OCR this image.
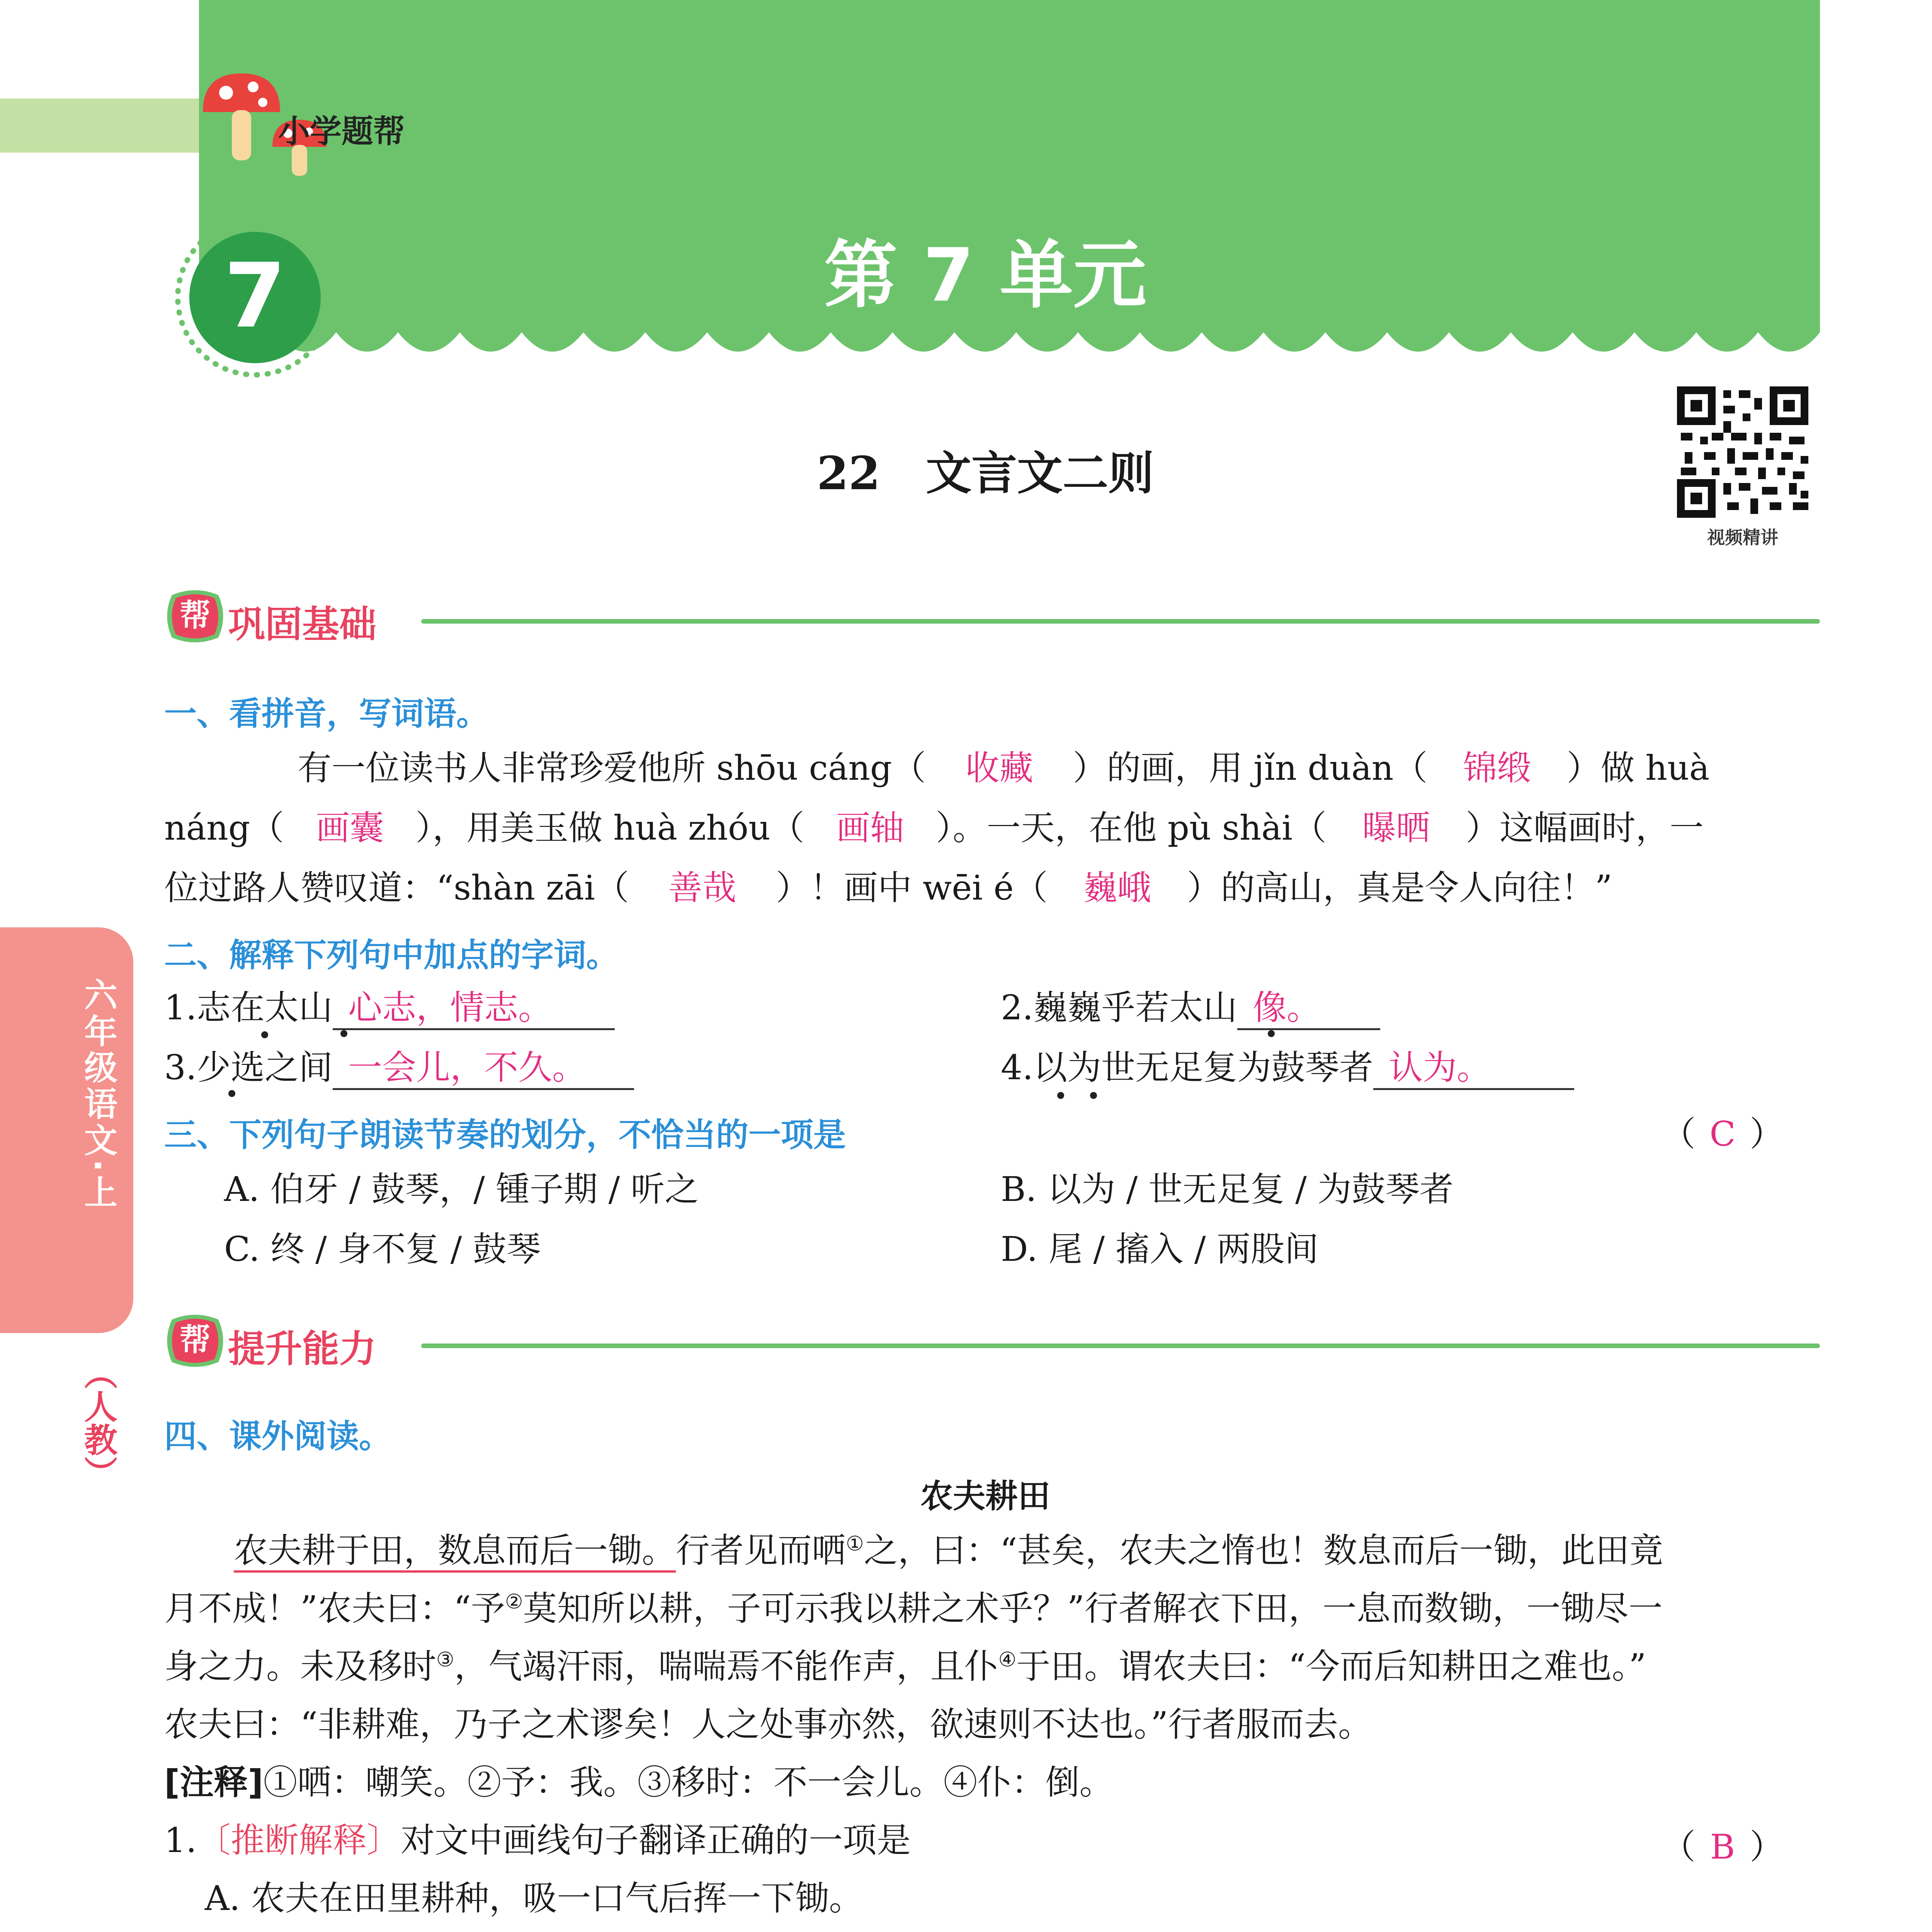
小学题帮
7	第 7 单元
22　文言文二则
视频精讲
六年级语文·上
（人教）
帮 巩固基础
一、看拼音，写词语。
有一位读书人非常珍爱他所 shōu cáng（ 收藏 ）的画，用 jǐn duàn（ 锦缎 ）做 huà
náng（ 画囊 ），用美玉做 huà zhóu（ 画轴 ）。一天，在他 pù shài（ 曝晒 ）这幅画时，一
位过路人赞叹道：“shàn zāi（ 善哉 ）！画中 wēi é（ 巍峨 ）的高山，真是令人向往！”
二、解释下列句中加点的字词。
1.志在太山 心志，情志。	2.巍巍乎若太山 像。
3.少选之间 一会儿，不久。	4.以为世无足复为鼓琴者 认为。
三、下列句子朗读节奏的划分，不恰当的一项是	（ C ）
A. 伯牙 / 鼓琴，/ 锺子期 / 听之	B. 以为 / 世无足复 / 为鼓琴者
C. 终 / 身不复 / 鼓琴	D. 尾 / 搐入 / 两股间
帮 提升能力
四、课外阅读。
农夫耕田
农夫耕于田，数息而后一锄。行者见而哂①之，曰：“甚矣，农夫之惰也！数息而后一锄，此田竟
月不成！”农夫曰：“予②莫知所以耕，子可示我以耕之术乎？”行者解衣下田，一息而数锄，一锄尽一
身之力。未及移时③，气竭汗雨，喘喘焉不能作声，且仆④于田。谓农夫曰：“今而后知耕田之难也。”
农夫曰：“非耕难，乃子之术谬矣！人之处事亦然，欲速则不达也。”行者服而去。
[注释]①哂：嘲笑。②予：我。③移时：不一会儿。④仆：倒。
1.〔推断解释〕对文中画线句子翻译正确的一项是	（ B ）
A. 农夫在田里耕种，吸一口气后挥一下锄。
